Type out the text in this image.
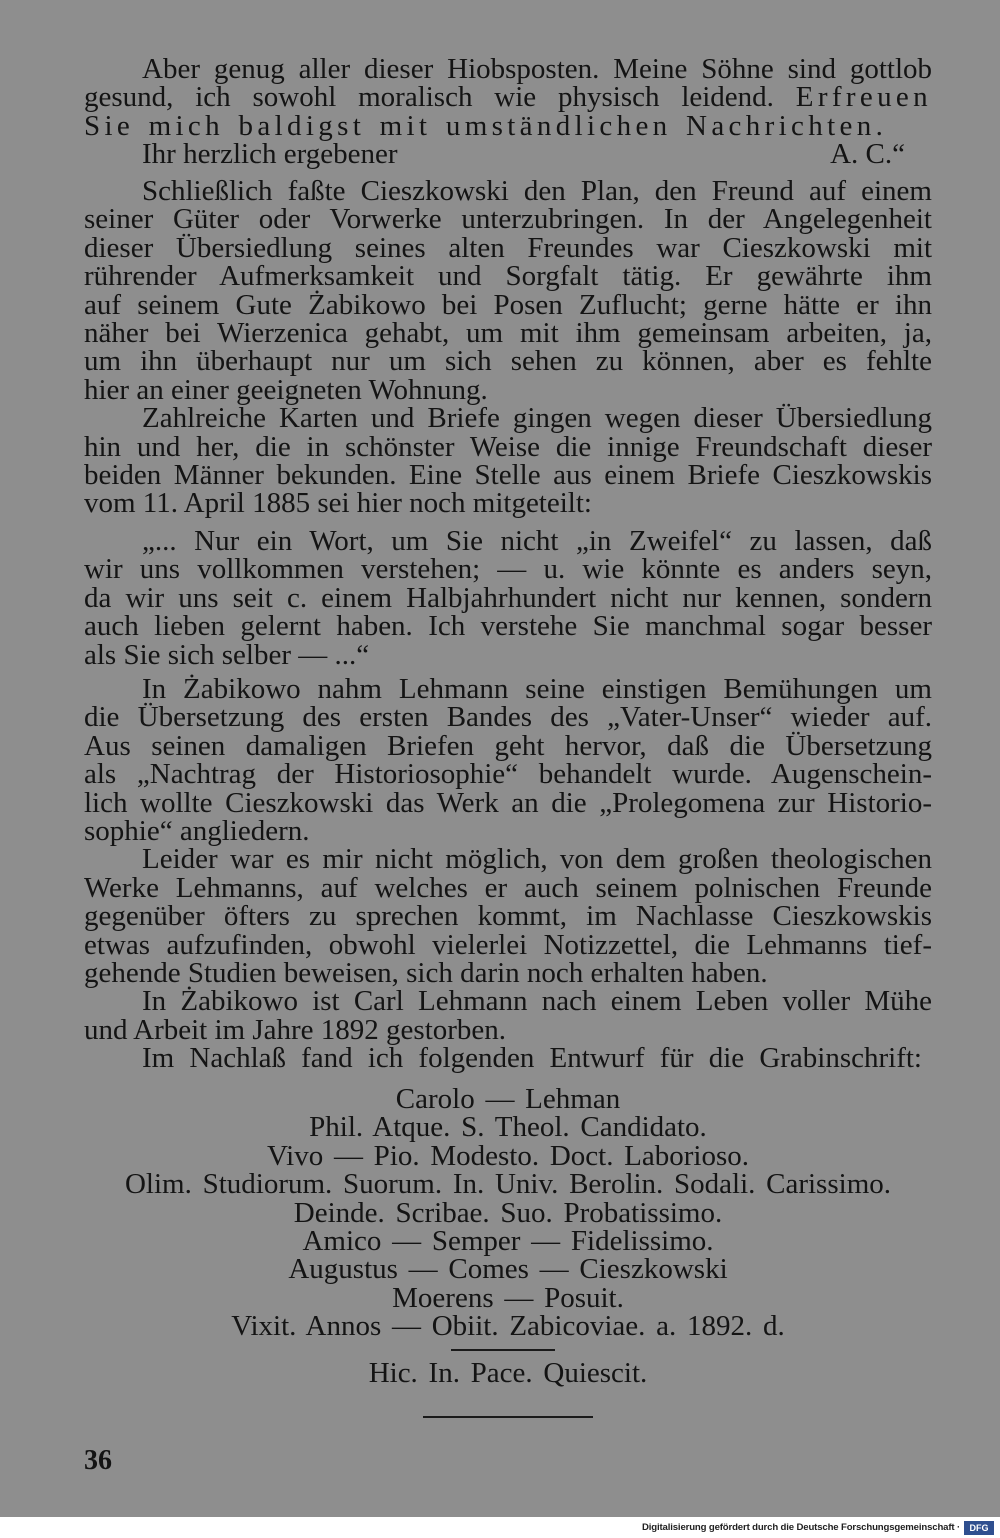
Aber genug aller dieser Hiobsposten. Meine Söhne sind gottlob
gesund, ich sowohl moralisch wie physisch leidend. Erfreuen
Sie mich baldigst mit umständlichen Nachrichten.
Ihr herzlich ergebener	A. C.“
Schließlich faßte Cieszkowski den Plan, den Freund auf einem
seiner Güter oder Vorwerke unterzubringen. In der Angelegenheit
dieser Übersiedlung seines alten Freundes war Cieszkowski mit
rührender Aufmerksamkeit und Sorgfalt tätig. Er gewährte ihm
auf seinem Gute Żabikowo bei Posen Zuflucht; gerne hätte er ihn
näher bei Wierzenica gehabt, um mit ihm gemeinsam arbeiten, ja,
um ihn überhaupt nur um sich sehen zu können, aber es fehlte
hier an einer geeigneten Wohnung.
Zahlreiche Karten und Briefe gingen wegen dieser Übersiedlung
hin und her, die in schönster Weise die innige Freundschaft dieser
beiden Männer bekunden. Eine Stelle aus einem Briefe Cieszkowskis
vom 11. April 1885 sei hier noch mitgeteilt:
„... Nur ein Wort, um Sie nicht „in Zweifel“ zu lassen, daß
wir uns vollkommen verstehen; — u. wie könnte es anders seyn,
da wir uns seit c. einem Halbjahrhundert nicht nur kennen, sondern
auch lieben gelernt haben. Ich verstehe Sie manchmal sogar besser
als Sie sich selber — ...“
In Żabikowo nahm Lehmann seine einstigen Bemühungen um
die Übersetzung des ersten Bandes des „Vater-Unser“ wieder auf.
Aus seinen damaligen Briefen geht hervor, daß die Übersetzung
als „Nachtrag der Historiosophie“ behandelt wurde. Augenschein-
lich wollte Cieszkowski das Werk an die „Prolegomena zur Historio-
sophie“ angliedern.
Leider war es mir nicht möglich, von dem großen theologischen
Werke Lehmanns, auf welches er auch seinem polnischen Freunde
gegenüber öfters zu sprechen kommt, im Nachlasse Cieszkowskis
etwas aufzufinden, obwohl vielerlei Notizzettel, die Lehmanns tief-
gehende Studien beweisen, sich darin noch erhalten haben.
In Żabikowo ist Carl Lehmann nach einem Leben voller Mühe
und Arbeit im Jahre 1892 gestorben.
Im Nachlaß fand ich folgenden Entwurf für die Grabinschrift:
Carolo — Lehman
Phil. Atque. S. Theol. Candidato.
Vivo — Pio. Modesto. Doct. Laborioso.
Olim. Studiorum. Suorum. In. Univ. Berolin. Sodali. Carissimo.
Deinde. Scribae. Suo. Probatissimo.
Amico — Semper — Fidelissimo.
Augustus — Comes — Cieszkowski
Moerens — Posuit.
Vixit. Annos — Obiit. Zabicoviae. a. 1892. d.
Hic. In. Pace. Quiescit.
36
Digitalisierung gefördert durch die Deutsche Forschungsgemeinschaft ·	DFG
